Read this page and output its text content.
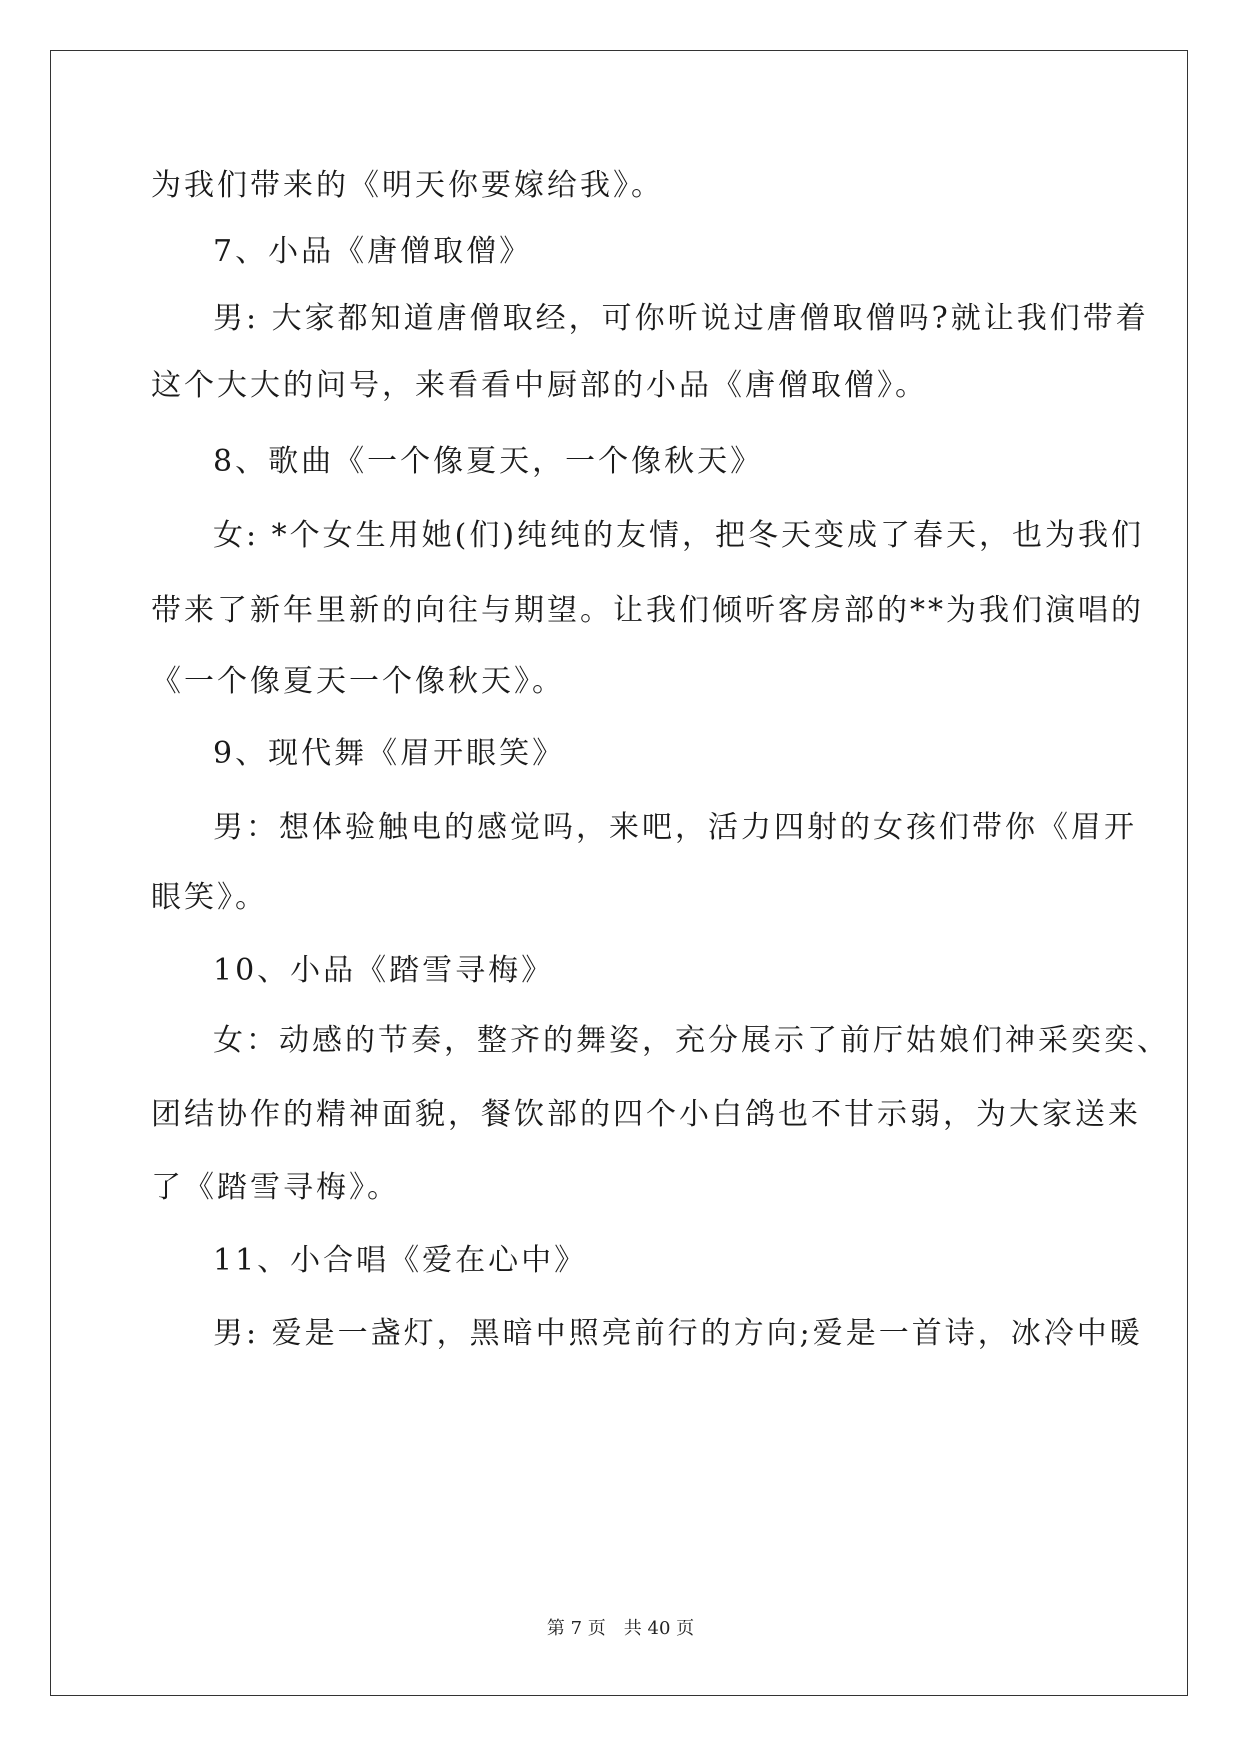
为我们带来的《明天你要嫁给我》。
7、小品《唐僧取僧》
男: 大家都知道唐僧取经，可你听说过唐僧取僧吗?就让我们带着
这个大大的问号，来看看中厨部的小品《唐僧取僧》。
8、歌曲《一个像夏天，一个像秋天》
女: *个女生用她(们)纯纯的友情，把冬天变成了春天，也为我们
带来了新年里新的向往与期望。让我们倾听客房部的**为我们演唱的
《一个像夏天一个像秋天》。
9、现代舞《眉开眼笑》
男：想体验触电的感觉吗，来吧，活力四射的女孩们带你《眉开
眼笑》。
10、小品《踏雪寻梅》
女：动感的节奏，整齐的舞姿，充分展示了前厅姑娘们神采奕奕、
团结协作的精神面貌，餐饮部的四个小白鸽也不甘示弱，为大家送来
了《踏雪寻梅》。
11、小合唱《爱在心中》
男: 爱是一盏灯，黑暗中照亮前行的方向;爱是一首诗，冰冷中暖
第 7 页　共 40 页
